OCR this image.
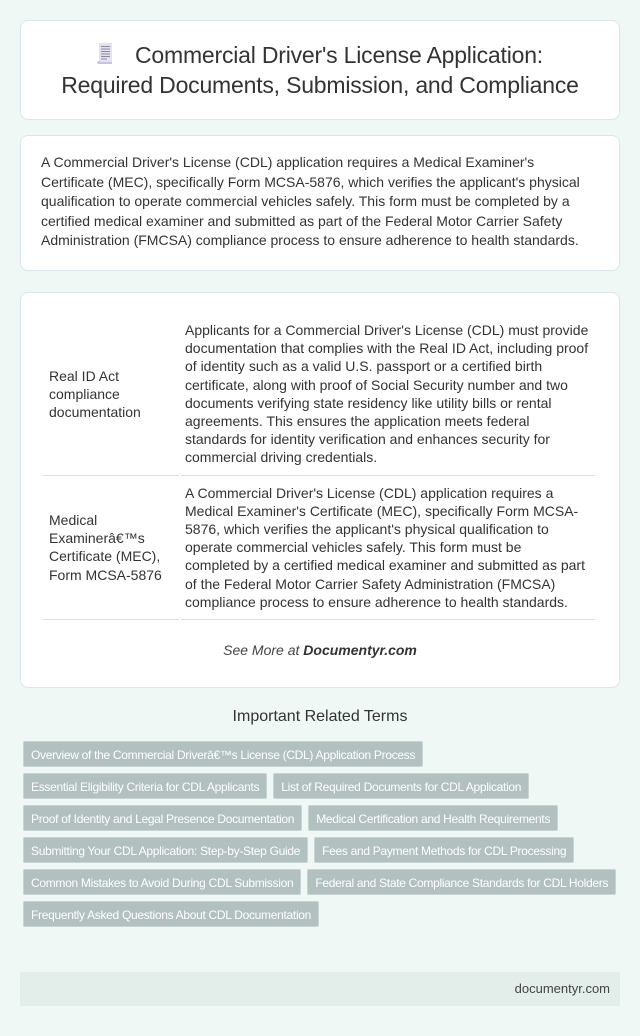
Commercial Driver's License Application:
Required Documents, Submission, and Compliance

A Commercial Driver's License (CDL) application requires a Medical Examiner's Certificate (MEC), specifically Form MCSA-5876, which verifies the applicant's physical qualification to operate commercial vehicles safely. This form must be completed by a certified medical examiner and submitted as part of the Federal Motor Carrier Safety Administration (FMCSA) compliance process to ensure adherence to health standards.

Real ID Act compliance documentation	Applicants for a Commercial Driver's License (CDL) must provide documentation that complies with the Real ID Act, including proof of identity such as a valid U.S. passport or a certified birth certificate, along with proof of Social Security number and two documents verifying state residency like utility bills or rental agreements. This ensures the application meets federal standards for identity verification and enhances security for commercial driving credentials.
Medical Examinerâ€™s Certificate (MEC), Form MCSA-5876	A Commercial Driver's License (CDL) application requires a Medical Examiner's Certificate (MEC), specifically Form MCSA-5876, which verifies the applicant's physical qualification to operate commercial vehicles safely. This form must be completed by a certified medical examiner and submitted as part of the Federal Motor Carrier Safety Administration (FMCSA) compliance process to ensure adherence to health standards.
See More at Documentyr.com
Important Related Terms
Overview of the Commercial Driverâ€™s License (CDL) Application Process
Essential Eligibility Criteria for CDL Applicants	List of Required Documents for CDL Application
Proof of Identity and Legal Presence Documentation	Medical Certification and Health Requirements
Submitting Your CDL Application: Step-by-Step Guide	Fees and Payment Methods for CDL Processing
Common Mistakes to Avoid During CDL Submission	Federal and State Compliance Standards for CDL Holders
Frequently Asked Questions About CDL Documentation
documentyr.com
